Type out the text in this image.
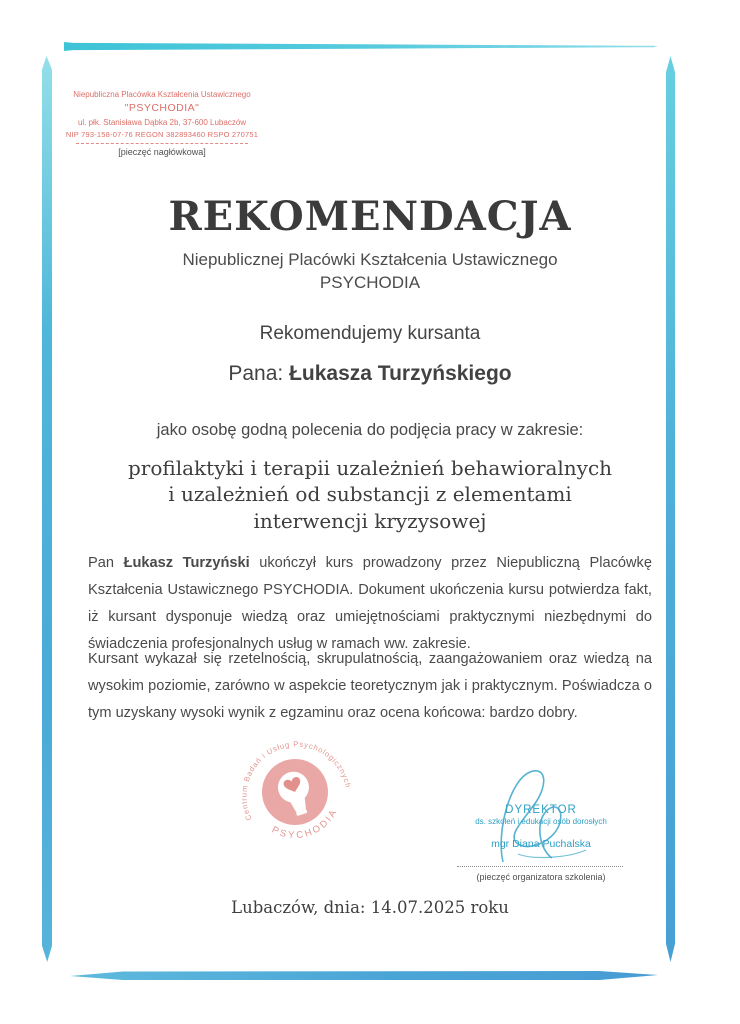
Niepubliczna Placówka Kształcenia Ustawicznego
"PSYCHODIA"
ul. płk. Stanisława Dąbka 2b, 37-600 Lubaczów
NIP 793-158-07-76 REGON 382893460 RSPO 270751
[pieczęć nagłówkowa]
REKOMENDACJA
Niepublicznej Placówki Kształcenia Ustawicznego
PSYCHODIA
Rekomendujemy kursanta
Pana: Łukasza Turzyńskiego
jako osobę godną polecenia do podjęcia pracy w zakresie:
profilaktyki i terapii uzależnień behawioralnych
i uzależnień od substancji z elementami
interwencji kryzysowej
Pan Łukasz Turzyński ukończył kurs prowadzony przez Niepubliczną Placówkę Kształcenia Ustawicznego PSYCHODIA. Dokument ukończenia kursu potwierdza fakt, iż kursant dysponuje wiedzą oraz umiejętnościami praktycznymi niezbędnymi do świadczenia profesjonalnych usług w ramach ww. zakresie.
Kursant wykazał się rzetelnością, skrupulatnością, zaangażowaniem oraz wiedzą na wysokim poziomie, zarówno w aspekcie teoretycznym jak i praktycznym. Poświadcza o tym uzyskany wysoki wynik z egzaminu oraz ocena końcowa: bardzo dobry.
Centrum Badań i Usług Psychologicznych
PSYCHODIA	DYREKTOR
ds. szkoleń i edukacji osób dorosłych
mgr Diana Puchalska
(pieczęć organizatora szkolenia)
Lubaczów, dnia: 14.07.2025 roku
